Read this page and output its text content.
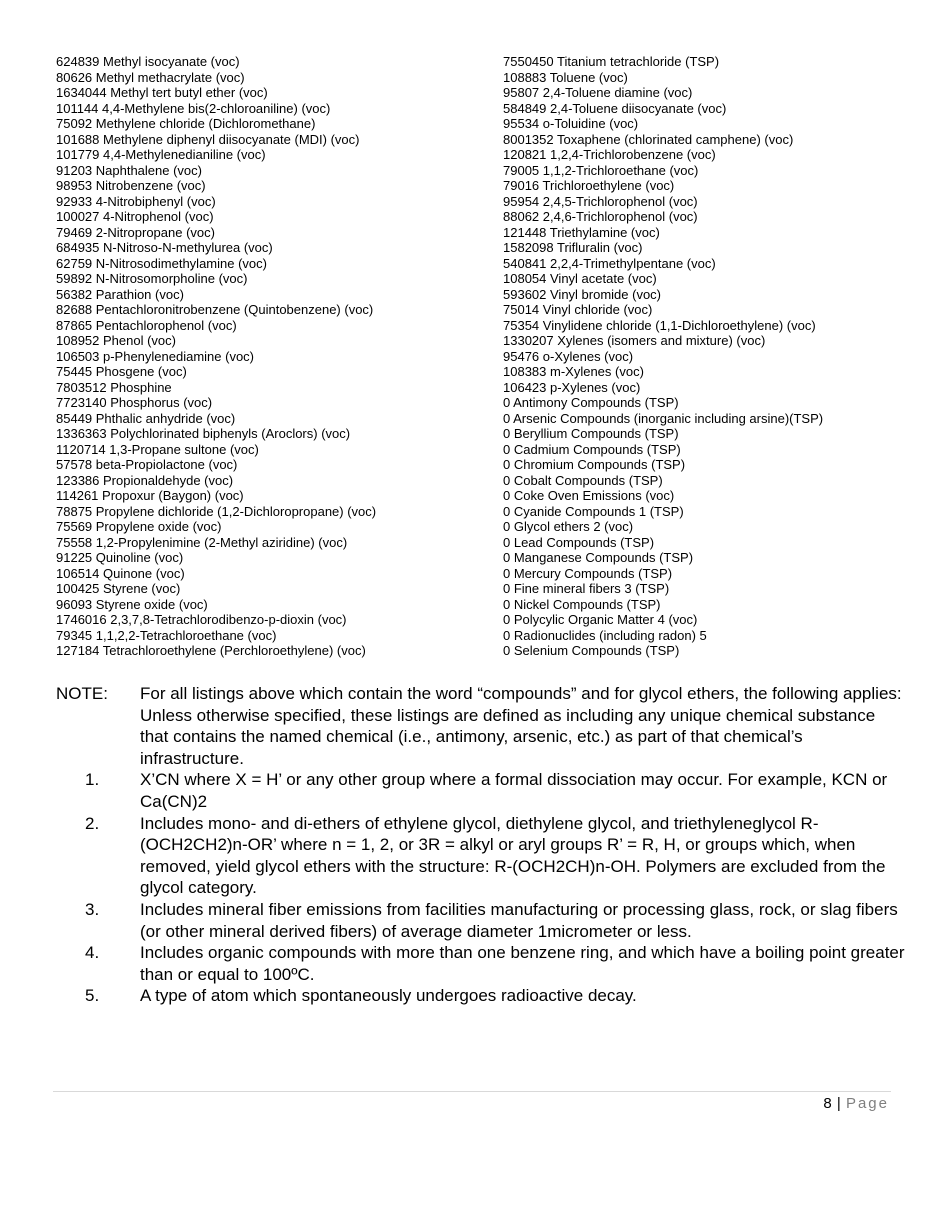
624839 Methyl isocyanate (voc)
80626 Methyl methacrylate (voc)
1634044 Methyl tert butyl ether (voc)
101144 4,4-Methylene bis(2-chloroaniline) (voc)
75092 Methylene chloride (Dichloromethane)
101688 Methylene diphenyl diisocyanate (MDI) (voc)
101779 4,4-Methylenedianiline (voc)
91203 Naphthalene (voc)
98953 Nitrobenzene (voc)
92933 4-Nitrobiphenyl (voc)
100027 4-Nitrophenol (voc)
79469 2-Nitropropane (voc)
684935 N-Nitroso-N-methylurea (voc)
62759 N-Nitrosodimethylamine (voc)
59892 N-Nitrosomorpholine (voc)
56382 Parathion (voc)
82688 Pentachloronitrobenzene (Quintobenzene) (voc)
87865 Pentachlorophenol (voc)
108952 Phenol (voc)
106503 p-Phenylenediamine (voc)
75445 Phosgene (voc)
7803512 Phosphine
7723140 Phosphorus (voc)
85449 Phthalic anhydride (voc)
1336363 Polychlorinated biphenyls (Aroclors) (voc)
1120714 1,3-Propane sultone (voc)
57578 beta-Propiolactone (voc)
123386 Propionaldehyde (voc)
114261 Propoxur (Baygon) (voc)
78875 Propylene dichloride (1,2-Dichloropropane) (voc)
75569 Propylene oxide (voc)
75558 1,2-Propylenimine (2-Methyl aziridine) (voc)
91225 Quinoline (voc)
106514 Quinone (voc)
100425 Styrene (voc)
96093 Styrene oxide (voc)
1746016 2,3,7,8-Tetrachlorodibenzo-p-dioxin (voc)
79345 1,1,2,2-Tetrachloroethane (voc)
127184 Tetrachloroethylene (Perchloroethylene) (voc)
7550450 Titanium tetrachloride (TSP)
108883 Toluene (voc)
95807 2,4-Toluene diamine (voc)
584849 2,4-Toluene diisocyanate (voc)
95534 o-Toluidine (voc)
8001352 Toxaphene (chlorinated camphene) (voc)
120821 1,2,4-Trichlorobenzene (voc)
79005 1,1,2-Trichloroethane (voc)
79016 Trichloroethylene (voc)
95954 2,4,5-Trichlorophenol (voc)
88062 2,4,6-Trichlorophenol (voc)
121448 Triethylamine (voc)
1582098 Trifluralin (voc)
540841 2,2,4-Trimethylpentane (voc)
108054 Vinyl acetate (voc)
593602 Vinyl bromide (voc)
75014 Vinyl chloride (voc)
75354 Vinylidene chloride (1,1-Dichloroethylene) (voc)
1330207 Xylenes (isomers and mixture) (voc)
95476 o-Xylenes (voc)
108383 m-Xylenes (voc)
106423 p-Xylenes (voc)
0 Antimony Compounds (TSP)
0 Arsenic Compounds (inorganic including arsine)(TSP)
0 Beryllium Compounds (TSP)
0 Cadmium Compounds (TSP)
0 Chromium Compounds (TSP)
0 Cobalt Compounds (TSP)
0 Coke Oven Emissions (voc)
0 Cyanide Compounds 1 (TSP)
0 Glycol ethers 2 (voc)
0 Lead Compounds (TSP)
0 Manganese Compounds (TSP)
0 Mercury Compounds (TSP)
0 Fine mineral fibers 3 (TSP)
0 Nickel Compounds (TSP)
0 Polycylic Organic Matter 4 (voc)
0 Radionuclides (including radon) 5
0 Selenium Compounds (TSP)
NOTE:	For all listings above which contain the word “compounds” and for glycol ethers, the following applies: Unless otherwise specified, these listings are defined as including any unique chemical substance that contains the named chemical (i.e., antimony, arsenic, etc.) as part of that chemical’s infrastructure.
1.	X’CN where X = H’ or any other group where a formal dissociation may occur. For example, KCN or Ca(CN)2
2.	Includes mono- and di-ethers of ethylene glycol, diethylene glycol, and triethyleneglycol R-(OCH2CH2)n-OR’ where n = 1, 2, or 3R = alkyl or aryl groups R’ = R, H, or groups which, when removed, yield glycol ethers with the structure: R-(OCH2CH)n-OH. Polymers are excluded from the glycol category.
3.	Includes mineral fiber emissions from facilities manufacturing or processing glass, rock, or slag fibers (or other mineral derived fibers) of average diameter 1micrometer or less.
4.	Includes organic compounds with more than one benzene ring, and which have a boiling point greater than or equal to 100ºC.
5.	A type of atom which spontaneously undergoes radioactive decay.
8 | Page
